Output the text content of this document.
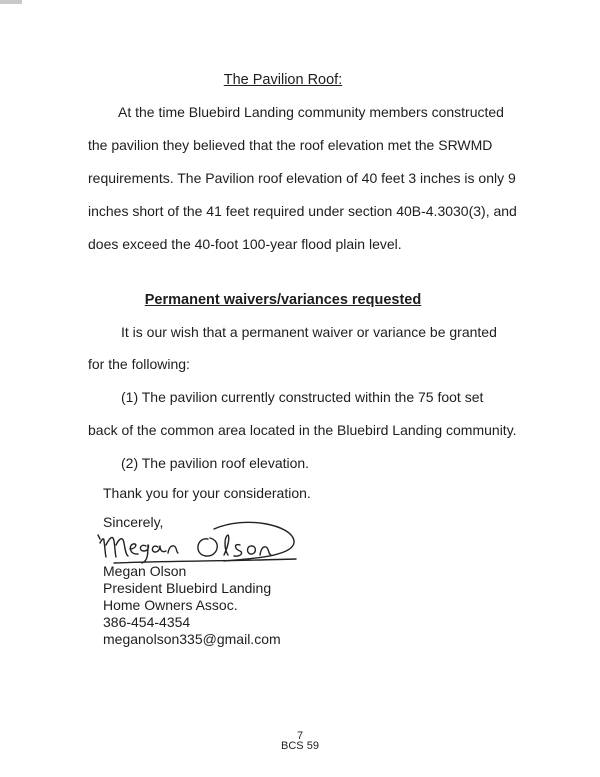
The Pavilion Roof:
At the time Bluebird Landing community members constructed
the pavilion they believed that the roof elevation met the SRWMD
requirements. The Pavilion roof elevation of 40 feet 3 inches is only 9
inches short of the 41 feet required under section 40B-4.3030(3), and
does exceed the 40-foot 100-year flood plain level.
Permanent waivers/variances requested
It is our wish that a permanent waiver or variance be granted
for the following:
(1) The pavilion currently constructed within the 75 foot set
back of the common area located in the Bluebird Landing community.
(2) The pavilion roof elevation.
Thank you for your consideration.
Sincerely,
Megan Olson
President Bluebird Landing
Home Owners Assoc.
386-454-4354
meganolson335@gmail.com
7
BCS 59
